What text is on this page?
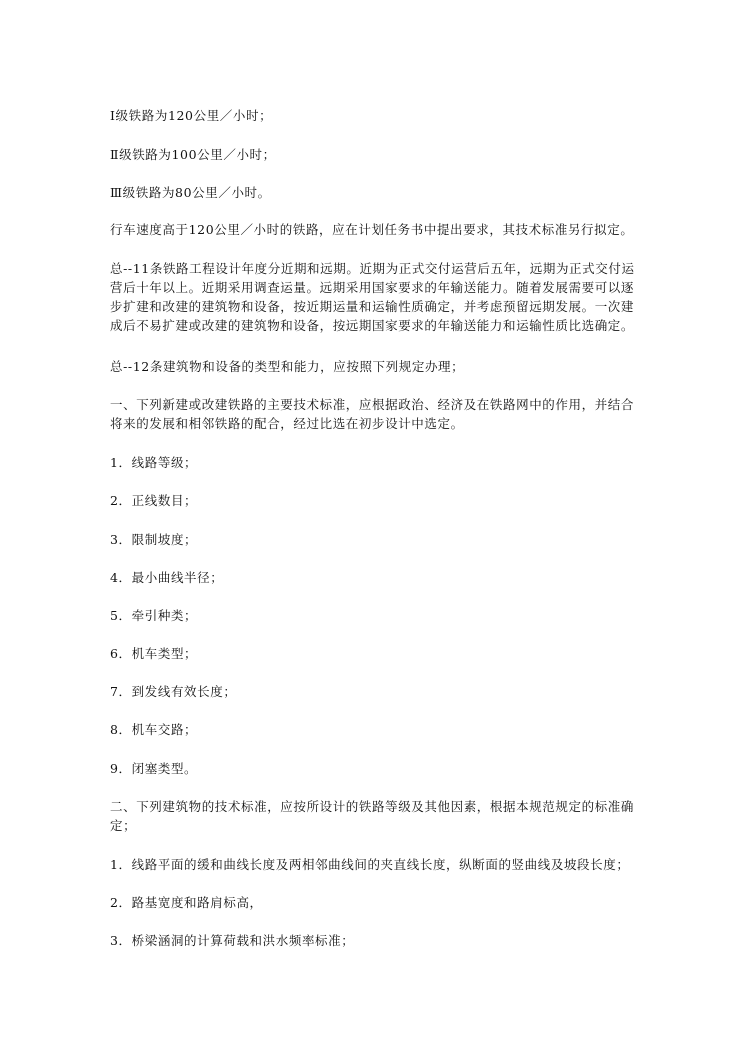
Ⅰ级铁路为120公里／小时；

Ⅱ级铁路为100公里／小时；

Ⅲ级铁路为80公里／小时。

行车速度高于120公里／小时的铁路，应在计划任务书中提出要求，其技术标准另行拟定。

总--11条铁路工程设计年度分近期和远期。近期为正式交付运营后五年，远期为正式交付运营后十年以上。近期采用调查运量。远期采用国家要求的年输送能力。随着发展需要可以逐步扩建和改建的建筑物和设备，按近期运量和运输性质确定，并考虑预留远期发展。一次建成后不易扩建或改建的建筑物和设备，按远期国家要求的年输送能力和运输性质比选确定。

总--12条建筑物和设备的类型和能力，应按照下列规定办理；

一、下列新建或改建铁路的主要技术标准，应根据政治、经济及在铁路网中的作用，并结合将来的发展和相邻铁路的配合，经过比选在初步设计中选定。

1．线路等级；

2．正线数目；

3．限制坡度；

4．最小曲线半径；

5．牵引种类；

6．机车类型；

7．到发线有效长度；

8．机车交路；

9．闭塞类型。

二、下列建筑物的技术标准，应按所设计的铁路等级及其他因素，根据本规范规定的标准确定；

1．线路平面的缓和曲线长度及两相邻曲线间的夹直线长度，纵断面的竖曲线及坡段长度；

2．路基宽度和路肩标高，

3．桥梁涵洞的计算荷载和洪水频率标准；
